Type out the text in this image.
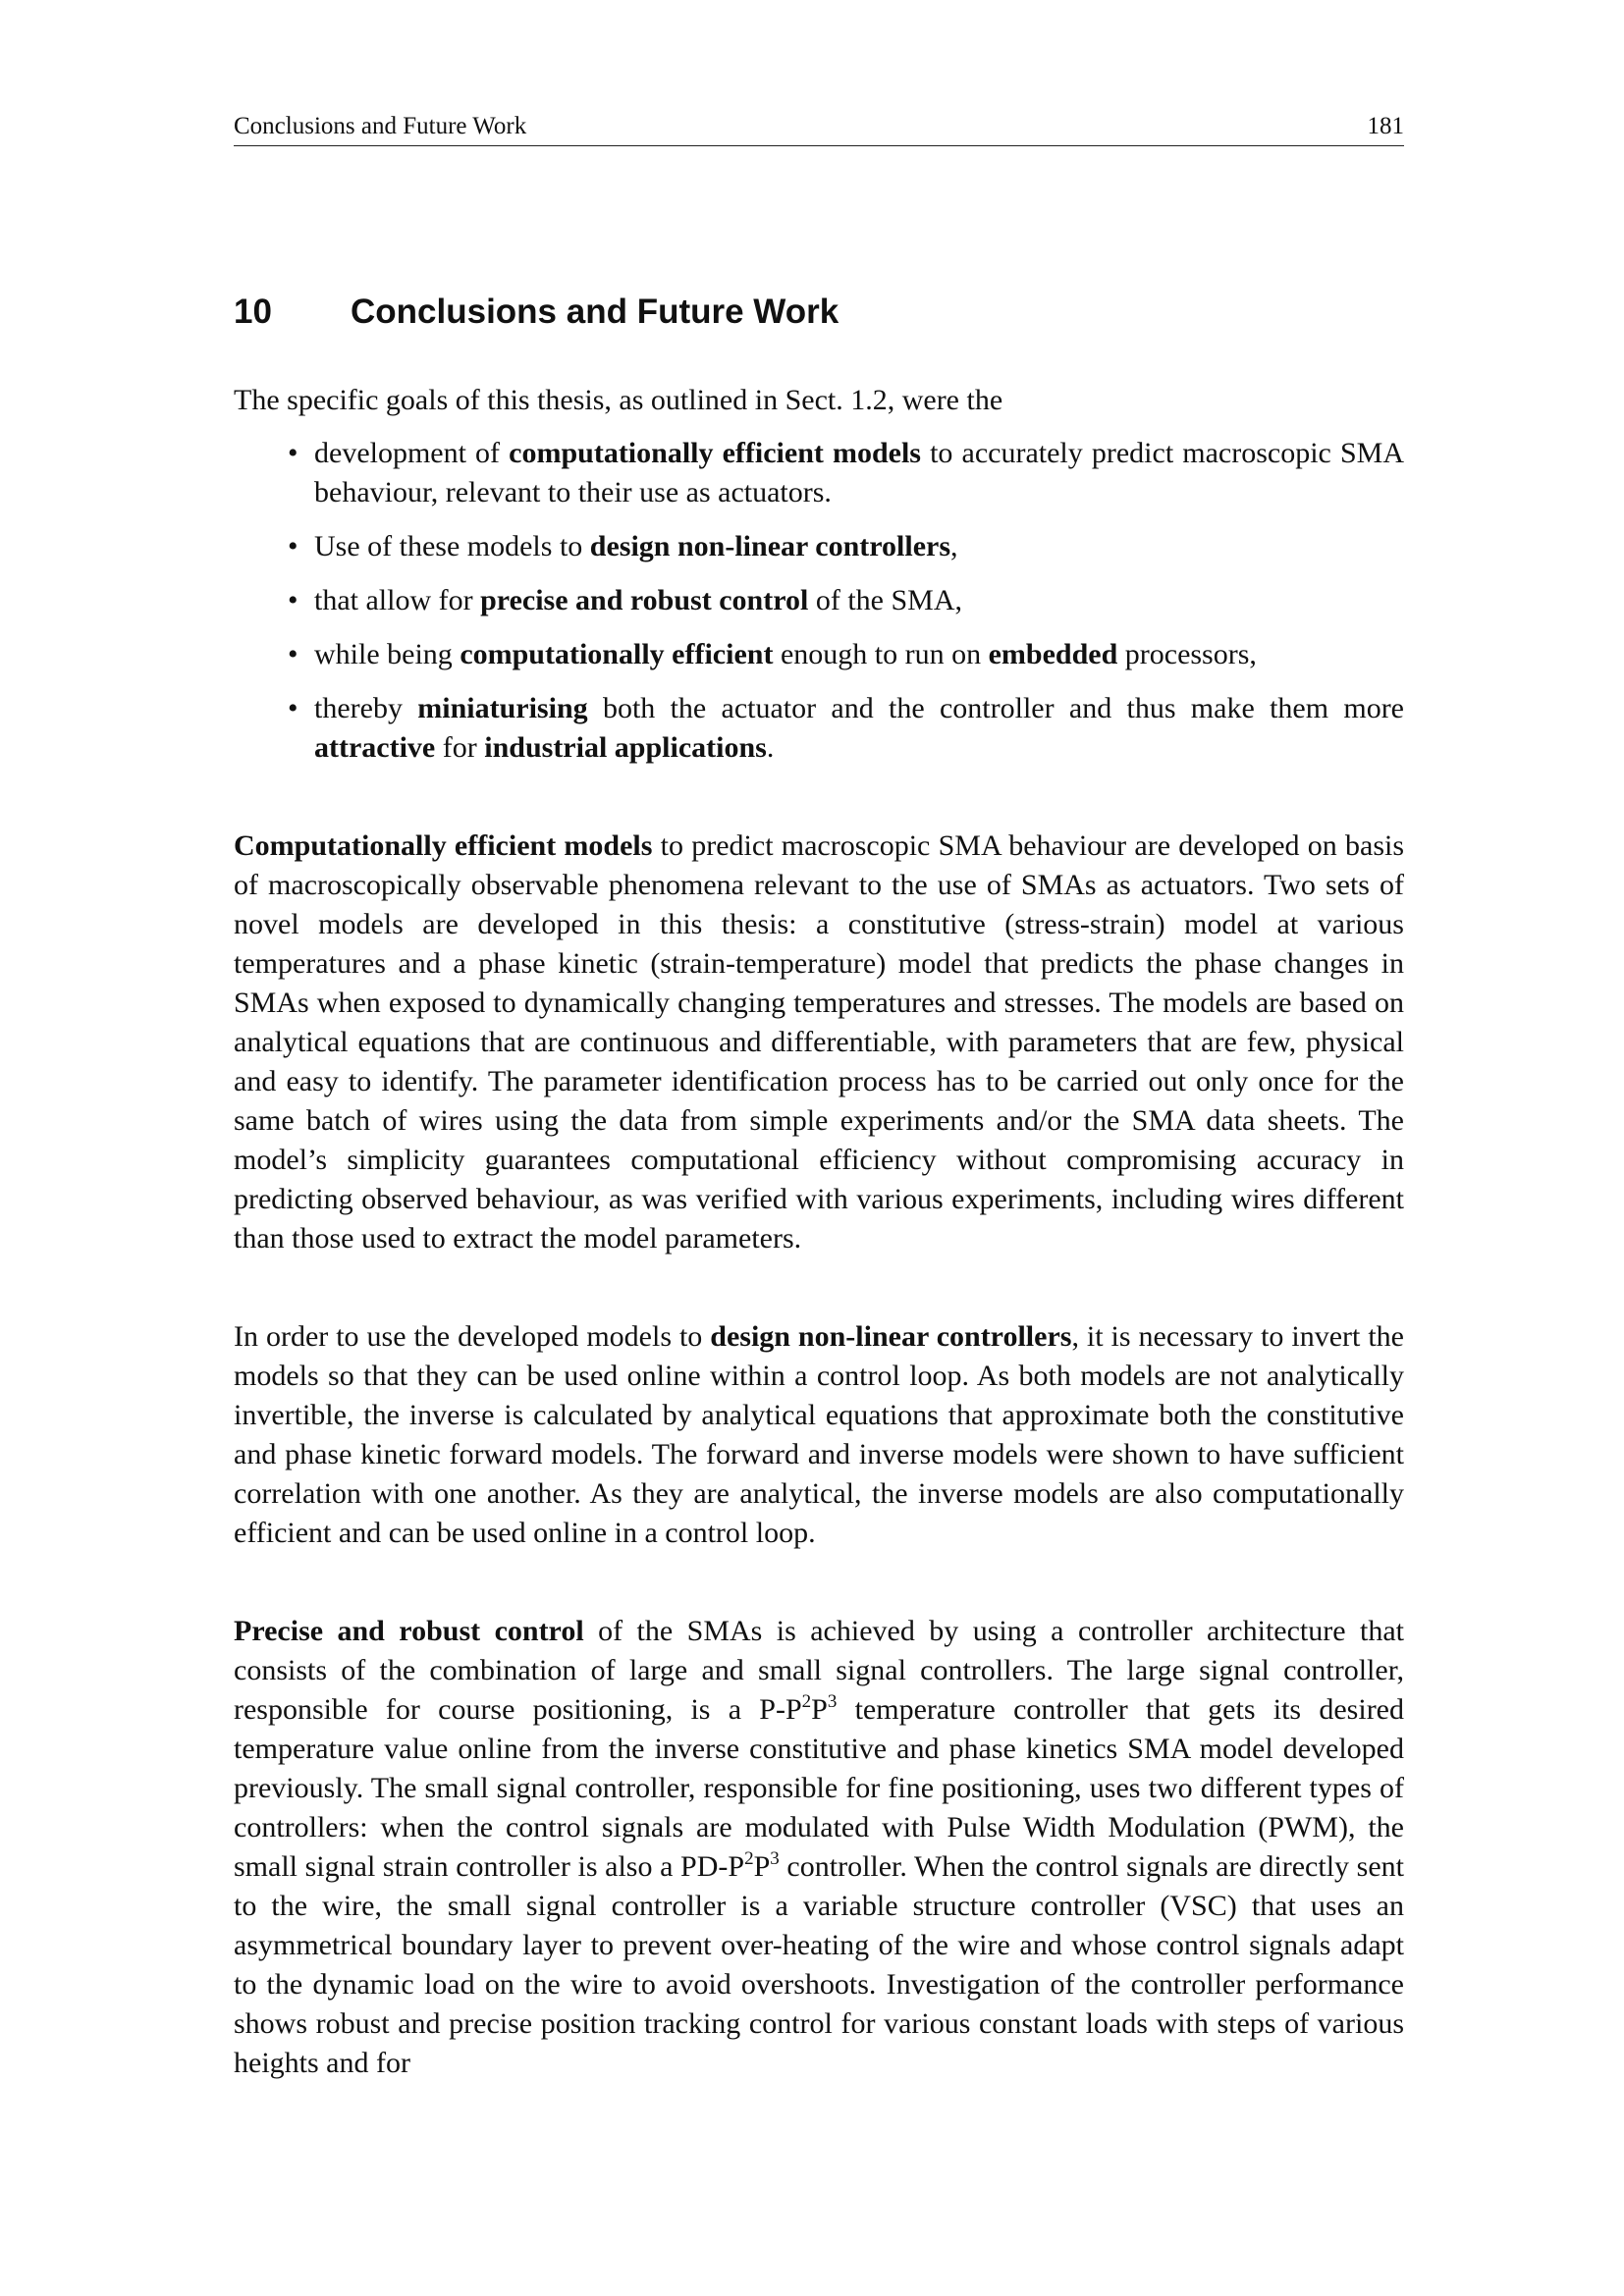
Conclusions and Future Work	181
10 Conclusions and Future Work
The specific goals of this thesis, as outlined in Sect. 1.2, were the
• development of computationally efficient models to accurately predict macroscopic SMA behaviour, relevant to their use as actuators.
• Use of these models to design non-linear controllers,
• that allow for precise and robust control of the SMA,
• while being computationally efficient enough to run on embedded processors,
• thereby miniaturising both the actuator and the controller and thus make them more attractive for industrial applications.

Computationally efficient models to predict macroscopic SMA behaviour are developed on basis of macroscopically observable phenomena relevant to the use of SMAs as actuators. Two sets of novel models are developed in this thesis: a constitutive (stress-strain) model at various temperatures and a phase kinetic (strain-temperature) model that predicts the phase changes in SMAs when exposed to dynamically changing temperatures and stresses. The models are based on analytical equations that are continuous and differentiable, with parameters that are few, physical and easy to identify. The parameter identification process has to be carried out only once for the same batch of wires using the data from simple experiments and/or the SMA data sheets. The model’s simplicity guarantees computational efficiency without compromising accuracy in predicting observed behaviour, as was verified with various experiments, including wires different than those used to extract the model parameters.

In order to use the developed models to design non-linear controllers, it is necessary to invert the models so that they can be used online within a control loop. As both models are not analytically invertible, the inverse is calculated by analytical equations that approximate both the constitutive and phase kinetic forward models. The forward and inverse models were shown to have sufficient correlation with one another. As they are analytical, the inverse models are also computationally efficient and can be used online in a control loop.

Precise and robust control of the SMAs is achieved by using a controller architecture that consists of the combination of large and small signal controllers. The large signal controller, responsible for course positioning, is a $P-P^2P^3$ temperature controller that gets its desired temperature value online from the inverse constitutive and phase kinetics SMA model developed previously. The small signal controller, responsible for fine positioning, uses two different types of controllers: when the control signals are modulated with Pulse Width Modulation (PWM), the small signal strain controller is also a $PD-P^2P^3$ controller. When the control signals are directly sent to the wire, the small signal controller is a variable structure controller (VSC) that uses an asymmetrical boundary layer to prevent over-heating of the wire and whose control signals adapt to the dynamic load on the wire to avoid overshoots. Investigation of the controller performance shows robust and precise position tracking control for various constant loads with steps of various heights and for
